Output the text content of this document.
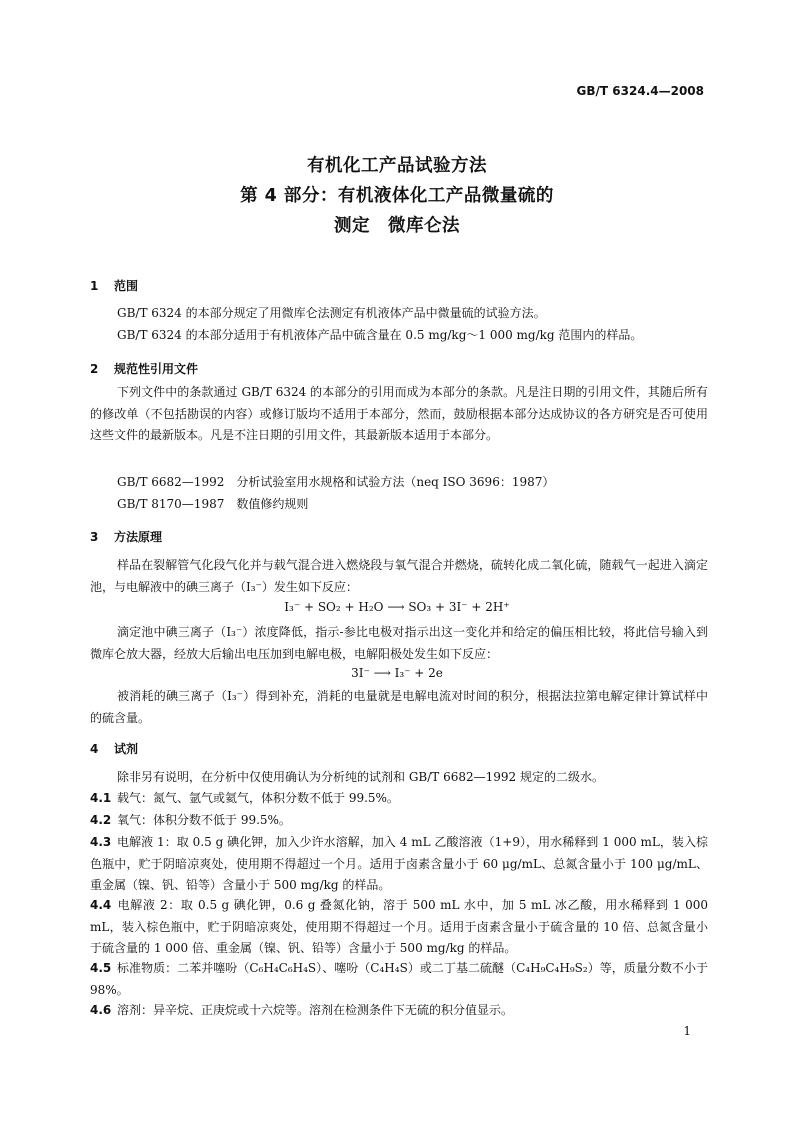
GB/T 6324.4—2008
有机化工产品试验方法
第 4 部分：有机液体化工产品微量硫的
测定　微库仑法
1 范围
GB/T 6324 的本部分规定了用微库仑法测定有机液体产品中微量硫的试验方法。
GB/T 6324 的本部分适用于有机液体产品中硫含量在 0.5 mg/kg～1 000 mg/kg 范围内的样品。
2 规范性引用文件
下列文件中的条款通过 GB/T 6324 的本部分的引用而成为本部分的条款。凡是注日期的引用文件，其随后所有的修改单（不包括勘误的内容）或修订版均不适用于本部分，然而，鼓励根据本部分达成协议的各方研究是否可使用这些文件的最新版本。凡是不注日期的引用文件，其最新版本适用于本部分。
GB/T 6682—1992　分析试验室用水规格和试验方法（neq ISO 3696：1987）
GB/T 8170—1987　数值修约规则
3 方法原理
样品在裂解管气化段气化并与载气混合进入燃烧段与氧气混合并燃烧，硫转化成二氧化硫，随载气一起进入滴定池，与电解液中的碘三离子（I₃⁻）发生如下反应：
I₃⁻ + SO₂ + H₂O ⟶ SO₃ + 3I⁻ + 2H⁺
滴定池中碘三离子（I₃⁻）浓度降低，指示-参比电极对指示出这一变化并和给定的偏压相比较，将此信号输入到微库仑放大器，经放大后输出电压加到电解电极，电解阳极处发生如下反应：
3I⁻ ⟶ I₃⁻ + 2e
被消耗的碘三离子（I₃⁻）得到补充，消耗的电量就是电解电流对时间的积分，根据法拉第电解定律计算试样中的硫含量。
4 试剂
除非另有说明，在分析中仅使用确认为分析纯的试剂和 GB/T 6682—1992 规定的二级水。
4.1 载气：氮气、氩气或氦气，体积分数不低于 99.5%。
4.2 氧气：体积分数不低于 99.5%。
4.3 电解液 1：取 0.5 g 碘化钾，加入少许水溶解，加入 4 mL 乙酸溶液（1+9），用水稀释到 1 000 mL，装入棕色瓶中，贮于阴暗凉爽处，使用期不得超过一个月。适用于卤素含量小于 60 μg/mL、总氮含量小于 100 μg/mL、重金属（镍、钒、铅等）含量小于 500 mg/kg 的样品。
4.4 电解液 2：取 0.5 g 碘化钾，0.6 g 叠氮化钠，溶于 500 mL 水中，加 5 mL 冰乙酸，用水稀释到 1 000 mL，装入棕色瓶中，贮于阴暗凉爽处，使用期不得超过一个月。适用于卤素含量小于硫含量的 10 倍、总氮含量小于硫含量的 1 000 倍、重金属（镍、钒、铅等）含量小于 500 mg/kg 的样品。
4.5 标准物质：二苯并噻吩（C₆H₄C₆H₄S）、噻吩（C₄H₄S）或二丁基二硫醚（C₄H₉C₄H₉S₂）等，质量分数不小于 98%。
4.6 溶剂：异辛烷、正庚烷或十六烷等。溶剂在检测条件下无硫的积分值显示。
1
